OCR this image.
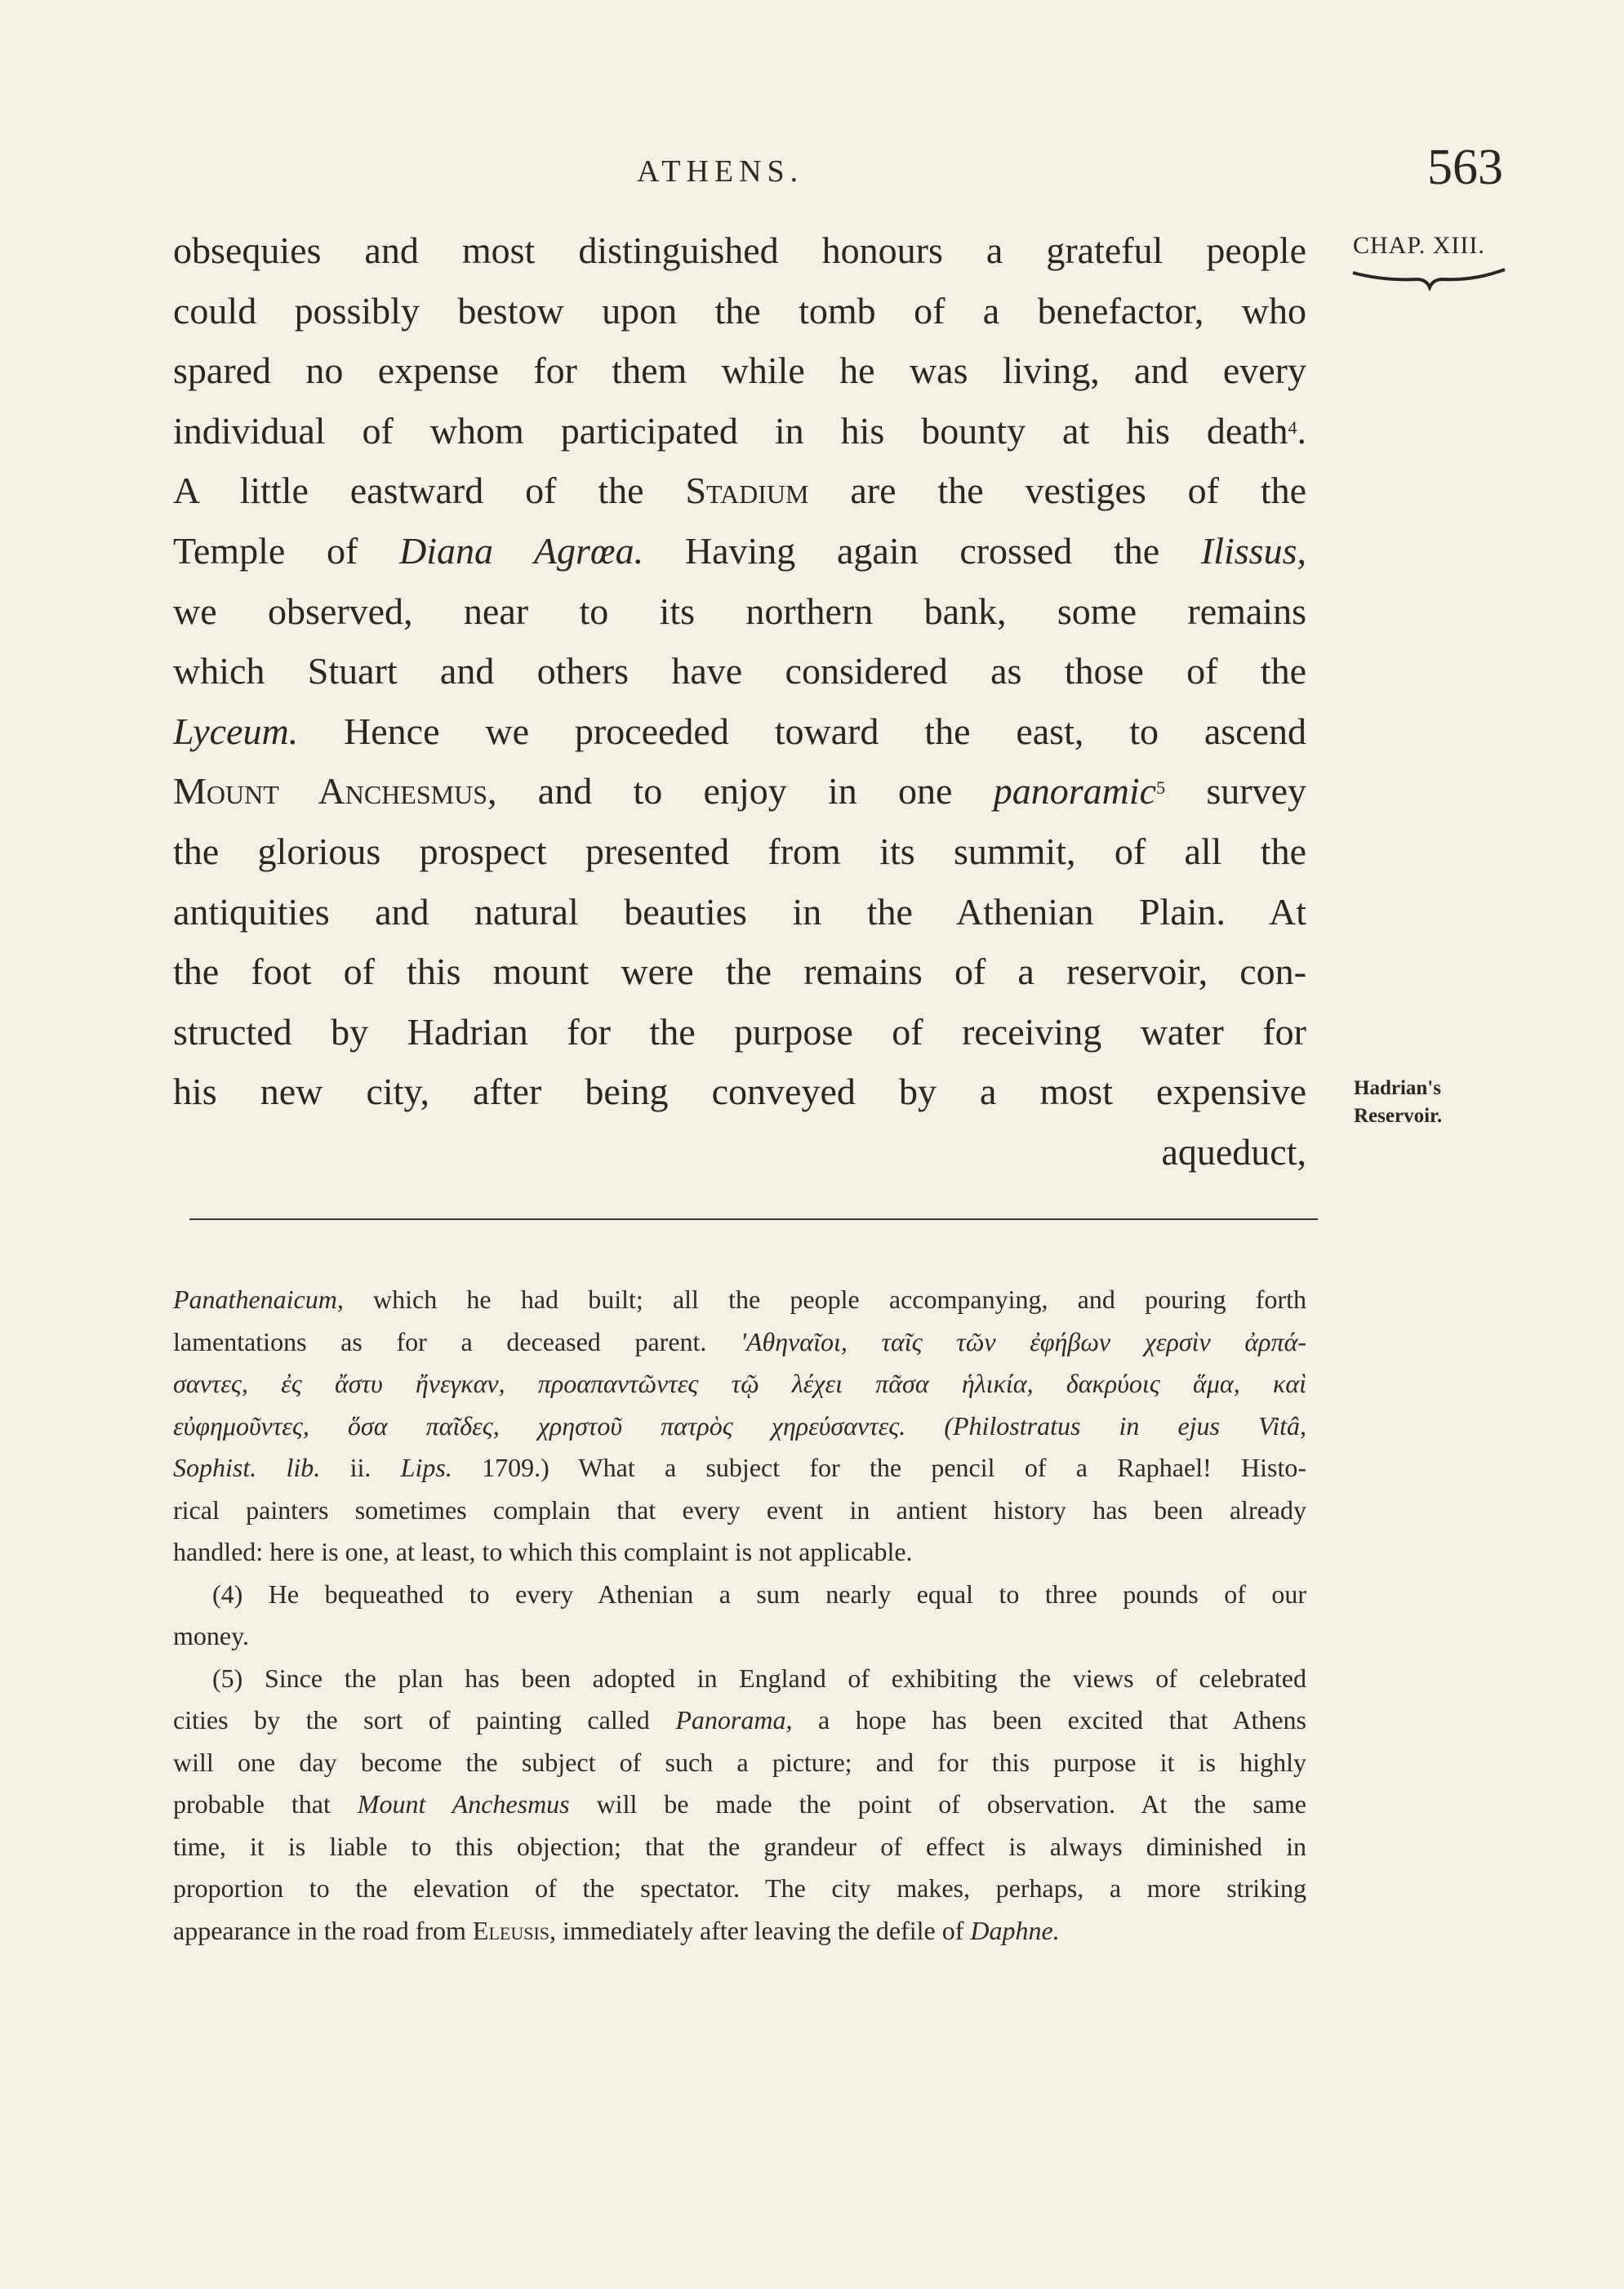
ATHENS.	563
CHAP. XIII.
Hadrian's
Reservoir.
obsequies and most distinguished honours a grateful people
could possibly bestow upon the tomb of a benefactor, who
spared no expense for them while he was living, and every
individual of whom participated in his bounty at his death$^4$.
A little eastward of the Stadium are the vestiges of the
Temple of Diana Agrœa. Having again crossed the Ilissus,
we observed, near to its northern bank, some remains
which Stuart and others have considered as those of the
Lyceum. Hence we proceeded toward the east, to ascend
Mount Anchesmus, and to enjoy in one panoramic$^5$ survey
the glorious prospect presented from its summit, of all the
antiquities and natural beauties in the Athenian Plain. At
the foot of this mount were the remains of a reservoir, con-
structed by Hadrian for the purpose of receiving water for
his new city, after being conveyed by a most expensive
aqueduct,
Panathenaicum, which he had built; all the people accompanying, and pouring forth
lamentations as for a deceased parent. 'Αθηναῖοι, ταῖς τῶν ἐφήβων χερσὶν ἀρπά-
σαντες, ἐς ἄστυ ἤνεγκαν, προαπαντῶντες τῷ λέχει πᾶσα ἡλικία, δακρύοις ἅμα, καὶ
εὐφημοῦντες, ὅσα παῖδες, χρηστοῦ πατρὸς χηρεύσαντες. (Philostratus in ejus Vitâ,
Sophist. lib. ii. Lips. 1709.) What a subject for the pencil of a Raphael! Histo-
rical painters sometimes complain that every event in antient history has been already
handled: here is one, at least, to which this complaint is not applicable.
(4) He bequeathed to every Athenian a sum nearly equal to three pounds of our
money.
(5) Since the plan has been adopted in England of exhibiting the views of celebrated
cities by the sort of painting called Panorama, a hope has been excited that Athens
will one day become the subject of such a picture; and for this purpose it is highly
probable that Mount Anchesmus will be made the point of observation. At the same
time, it is liable to this objection; that the grandeur of effect is always diminished in
proportion to the elevation of the spectator. The city makes, perhaps, a more striking
appearance in the road from Eleusis, immediately after leaving the defile of Daphne.
